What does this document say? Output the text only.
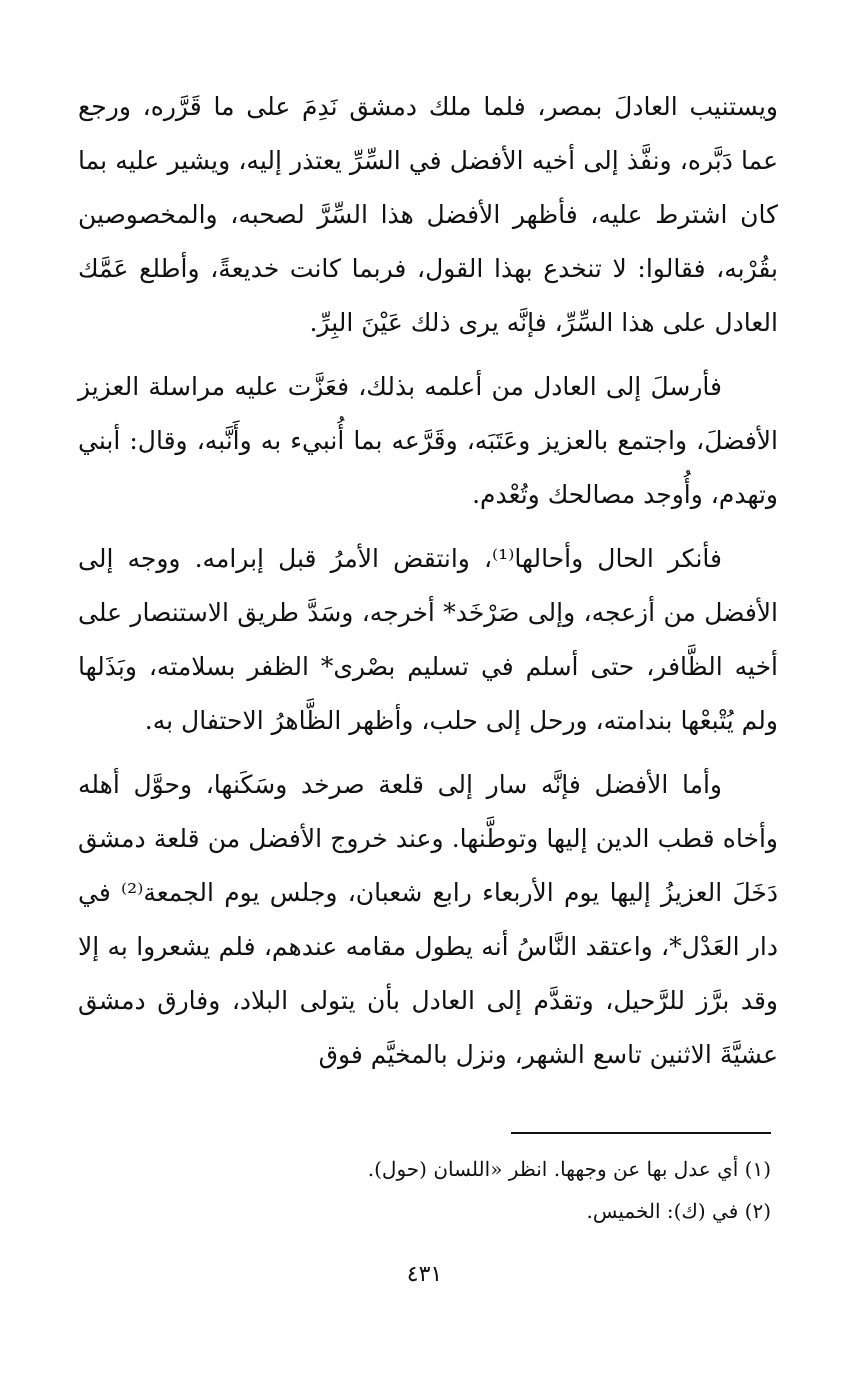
ويستنيب العادلَ بمصر، فلما ملك دمشق نَدِمَ على ما قَرَّره، ورجع عما دَبَّره، ونفَّذ إلى أخيه الأفضل في السِّرِّ يعتذر إليه، ويشير عليه بما كان اشترط عليه، فأظهر الأفضل هذا السِّرَّ لصحبه، والمخصوصين بقُرْبه، فقالوا: لا تنخدع بهذا القول، فربما كانت خديعةً، وأطلع عَمَّك العادل على هذا السِّرِّ، فإنَّه يرى ذلك عَيْنَ البِرِّ.

فأرسلَ إلى العادل من أعلمه بذلك، فعَزَّت عليه مراسلة العزيز الأفضلَ، واجتمع بالعزيز وعَتَبَه، وقَرَّعه بما أُنبيء به وأَنَّبه، وقال: أبني وتهدم، وأُوجد مصالحك وتُعْدم.

فأنكر الحال وأحالها⁽¹⁾، وانتقض الأمرُ قبل إبرامه. ووجه إلى الأفضل من أزعجه، وإلى صَرْخَد* أخرجه، وسَدَّ طريق الاستنصار على أخيه الظَّافر، حتى أسلم في تسليم بصْرى* الظفر بسلامته، وبَذَلها ولم يُتْبعْها بندامته، ورحل إلى حلب، وأظهر الظَّاهرُ الاحتفال به.

وأما الأفضل فإنَّه سار إلى قلعة صرخد وسَكَنها، وحوَّل أهله وأخاه قطب الدين إليها وتوطَّنها. وعند خروج الأفضل من قلعة دمشق دَخَلَ العزيزُ إليها يوم الأربعاء رابع شعبان، وجلس يوم الجمعة⁽²⁾ في دار العَدْل*، واعتقد النَّاسُ أنه يطول مقامه عندهم، فلم يشعروا به إلا وقد برَّز للرَّحيل، وتقدَّم إلى العادل بأن يتولى البلاد، وفارق دمشق عشيَّةَ الاثنين تاسع الشهر، ونزل بالمخيَّم فوق

(١) أي عدل بها عن وجهها. انظر «اللسان (حول).

(٢) في (ك): الخميس.

٤٣١
